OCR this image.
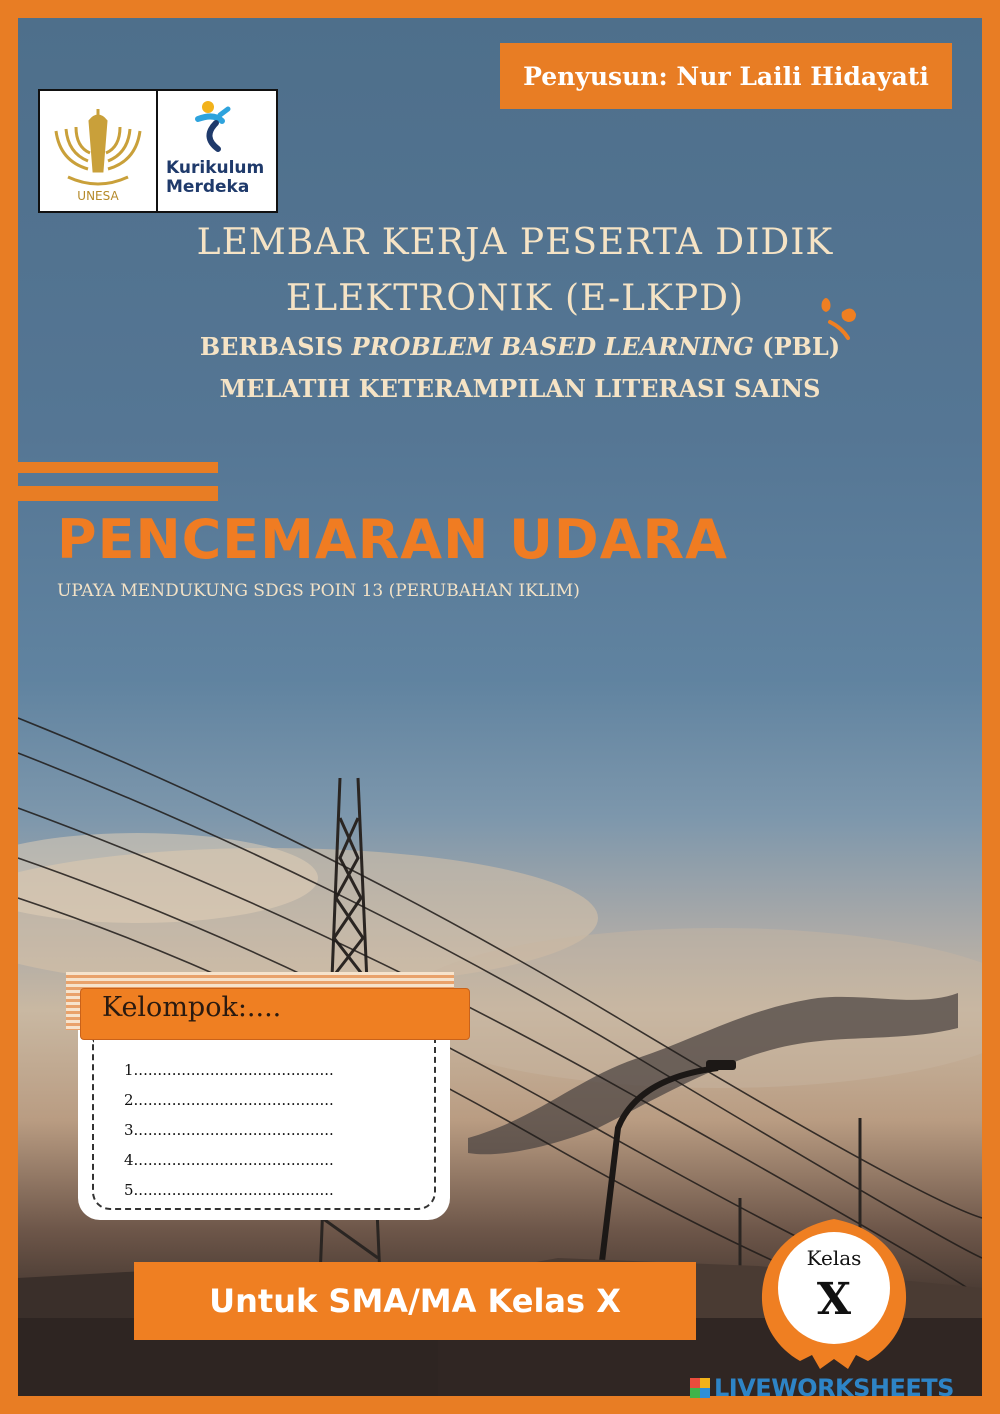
Penyusun: Nur Laili Hidayati
UNESA
Kurikulum
Merdeka
LEMBAR KERJA PESERTA DIDIK
ELEKTRONIK (E-LKPD)
BERBASIS PROBLEM BASED LEARNING (PBL)
MELATIH KETERAMPILAN LITERASI SAINS
PENCEMARAN UDARA
UPAYA MENDUKUNG SDGS POIN 13 (PERUBAHAN IKLIM)
Kelompok:....
1..........................................
2..........................................
3..........................................
4..........................................
5..........................................
Untuk SMA/MA Kelas X
Kelas
X
LIVEWORKSHEETS
